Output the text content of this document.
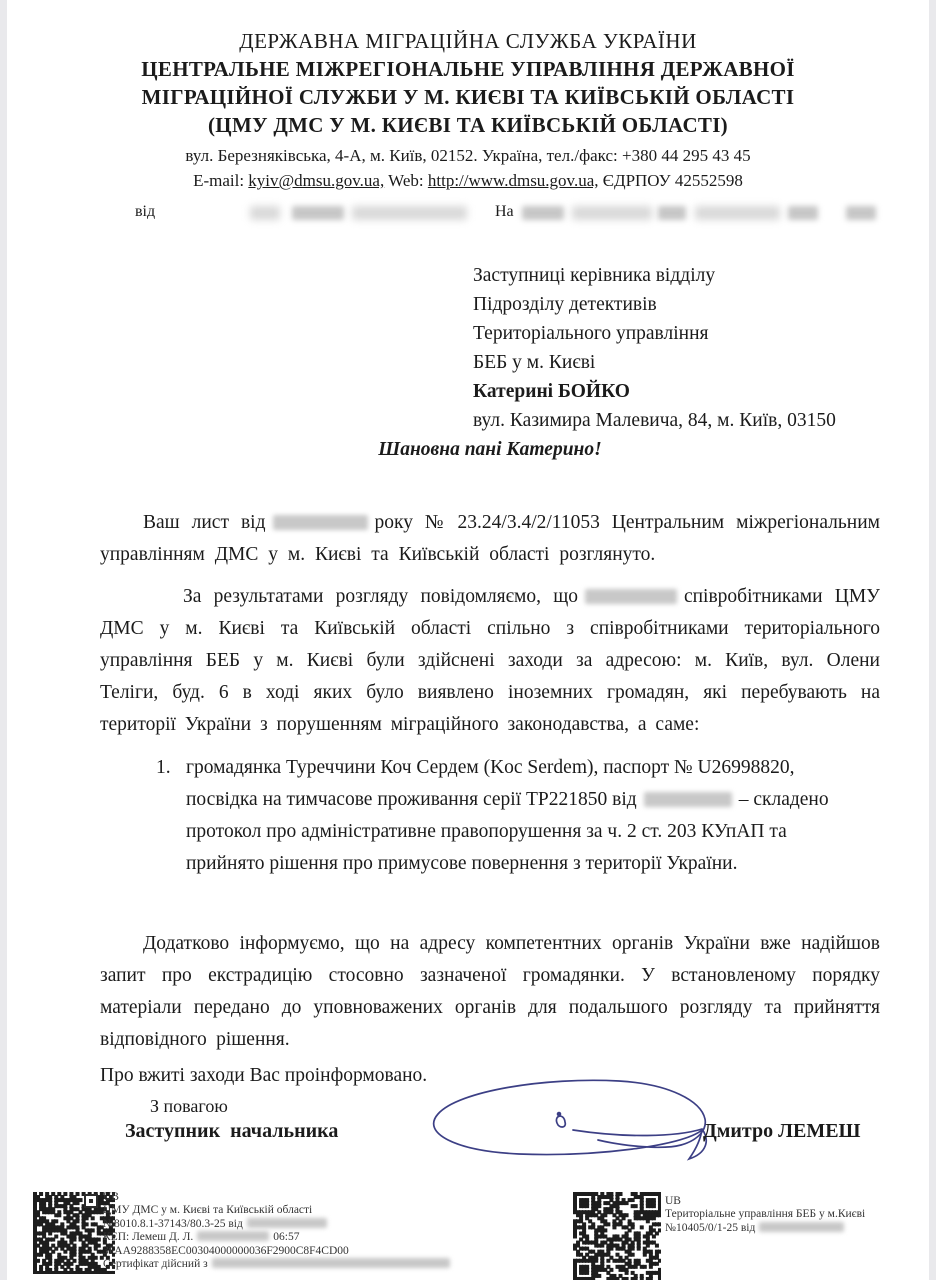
ДЕРЖАВНА МІГРАЦІЙНА СЛУЖБА УКРАЇНИ
ЦЕНТРАЛЬНЕ МІЖРЕГІОНАЛЬНЕ УПРАВЛІННЯ ДЕРЖАВНОЇ
МІГРАЦІЙНОЇ СЛУЖБИ У М. КИЄВІ ТА КИЇВСЬКІЙ ОБЛАСТІ
(ЦМУ ДМС У М. КИЄВІ ТА КИЇВСЬКІЙ ОБЛАСТІ)
вул. Березняківська, 4-А, м. Київ, 02152. Україна, тел./факс: +380 44 295 43 45
E-mail: kyiv@dmsu.gov.ua, Web: http://www.dmsu.gov.ua, ЄДРПОУ 42552598
від	На
Заступниці керівника відділу
Підрозділу детективів
Територіального управління
БЕБ у м. Києві
Катерині БОЙКО
вул. Казимира Малевича, 84, м. Київ, 03150
Шановна пані Катерино!

Ваш лист від	року № 23.24/3.4/2/11053 Центральним міжрегіональним управлінням ДМС у м. Києві та Київській області розглянуто.

За результатами розгляду повідомляємо, що	співробітниками ЦМУ ДМС у м. Києві та Київській області спільно з співробітниками територіального управління БЕБ у м. Києві були здійснені заходи за адресою: м. Київ, вул. Олени Теліги, буд. 6 в ході яких було виявлено іноземних громадян, які перебувають на території України з порушенням міграційного законодавства, а саме:

1. громадянка Туреччини Коч Сердем (Koc Serdem), паспорт № U26998820, посвідка на тимчасове проживання серії ТР221850 від	– складено протокол про адміністративне правопорушення за ч. 2 ст. 203 КУпАП та прийнято рішення про примусове повернення з території України.

Додатково інформуємо, що на адресу компетентних органів України вже надійшов запит про екстрадицію стосовно зазначеної громадянки. У встановленому порядку матеріали передано до уповноважених органів для подальшого розгляду та прийняття відповідного рішення.

Про вжиті заходи Вас проінформовано.

З повагою
Заступник  начальника	Дмитро ЛЕМЕШ
UB
ЦМУ ДМС у м. Києві та Київській області
№8010.8.1-37143/80.3-25 від
КЕП: Лемеш Д. Л.	06:57
3FAA9288358EC00304000000036F2900C8F4CD00
Сертифікат дійсний з
UB
Територіальне управління БЕБ у м.Києві
№10405/0/1-25 від
